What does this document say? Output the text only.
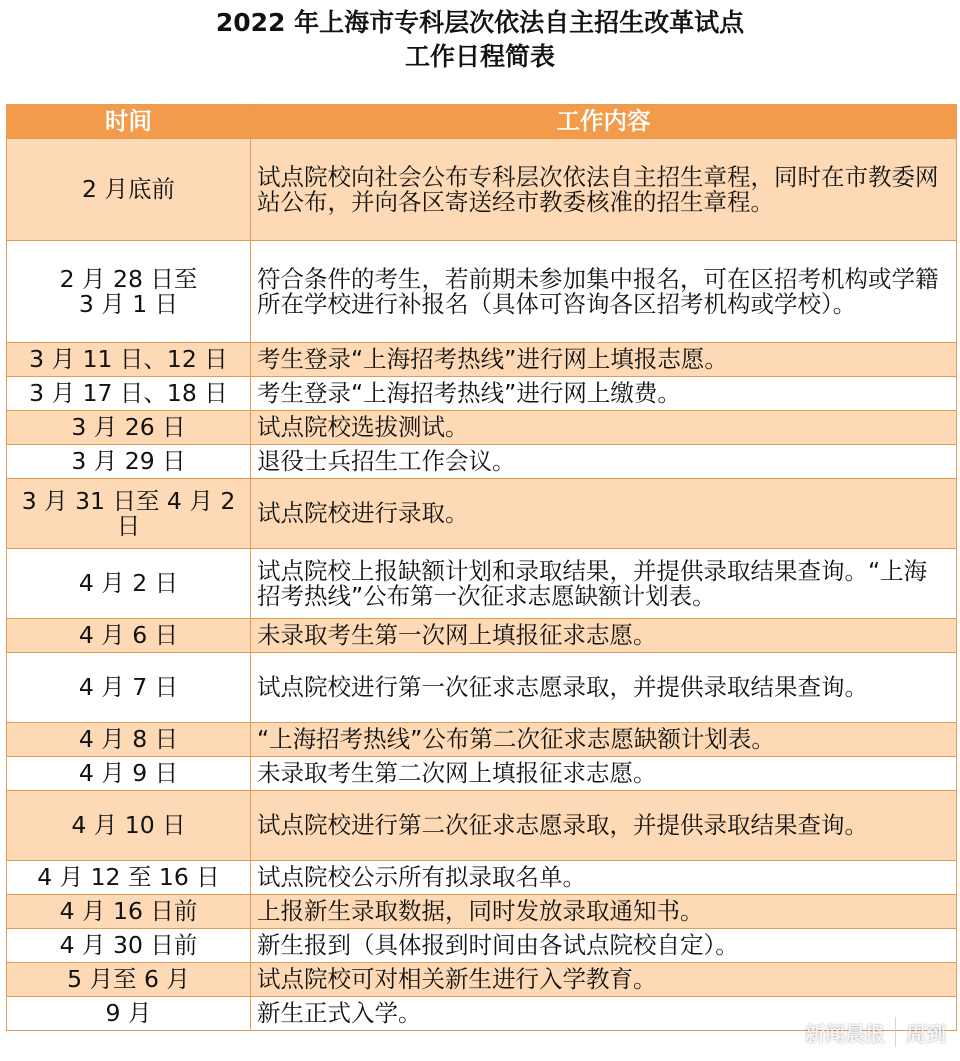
2022 年上海市专科层次依法自主招生改革试点
工作日程简表
时间	工作内容
2 月底前	试点院校向社会公布专科层次依法自主招生章程，同时在市教委网站公布，并向各区寄送经市教委核准的招生章程。
2 月 28 日至
3 月 1 日	符合条件的考生，若前期未参加集中报名，可在区招考机构或学籍所在学校进行补报名（具体可咨询各区招考机构或学校）。
3 月 11 日、12 日	考生登录“上海招考热线”进行网上填报志愿。
3 月 17 日、18 日	考生登录“上海招考热线”进行网上缴费。
3 月 26 日	试点院校选拔测试。
3 月 29 日	退役士兵招生工作会议。
3 月 31 日至 4 月 2 日	试点院校进行录取。
4 月 2 日	试点院校上报缺额计划和录取结果，并提供录取结果查询。“上海招考热线”公布第一次征求志愿缺额计划表。
4 月 6 日	未录取考生第一次网上填报征求志愿。
4 月 7 日	试点院校进行第一次征求志愿录取，并提供录取结果查询。
4 月 8 日	“上海招考热线”公布第二次征求志愿缺额计划表。
4 月 9 日	未录取考生第二次网上填报征求志愿。
4 月 10 日	试点院校进行第二次征求志愿录取，并提供录取结果查询。
4 月 12 至 16 日	试点院校公示所有拟录取名单。
4 月 16 日前	上报新生录取数据，同时发放录取通知书。
4 月 30 日前	新生报到（具体报到时间由各试点院校自定）。
5 月至 6 月	试点院校可对相关新生进行入学教育。
9 月	新生正式入学。
新闻晨报 周到
